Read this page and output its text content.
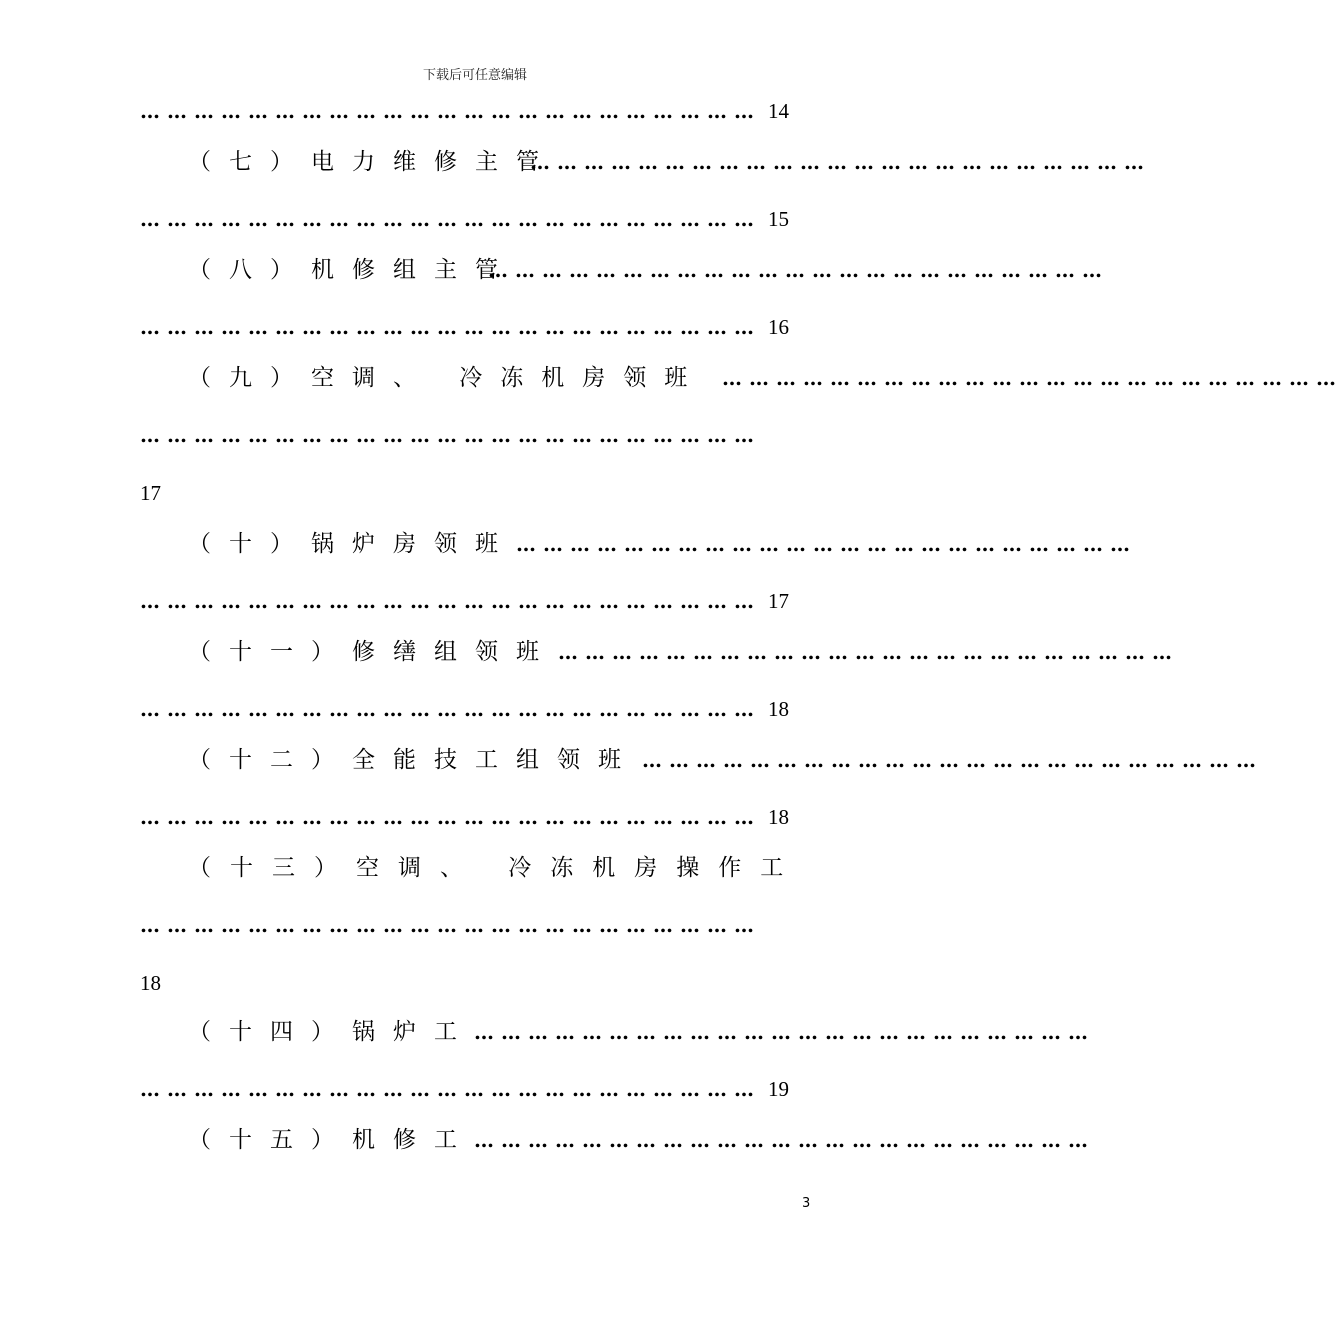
下载后可任意编辑
…………………………………………………………… 14
（七）电力维修主管
……………………………………………………………
…………………………………………………………… 15
（八）机修组主管
……………………………………………………………
…………………………………………………………… 16
（九）空调、 冷冻机房领班 ……………………………………………………………
……………………………………………………………
17
（十）锅炉房领班 ……………………………………………………………
…………………………………………………………… 17
（十一）修缮组领班 ……………………………………………………………
…………………………………………………………… 18
（十二）全能技工组领班 ……………………………………………………………
…………………………………………………………… 18
（十三）空调、 冷冻机房操作工
……………………………………………………………
18
（十四）锅炉工 ……………………………………………………………
…………………………………………………………… 19
（十五）机修工 ……………………………………………………………
3
